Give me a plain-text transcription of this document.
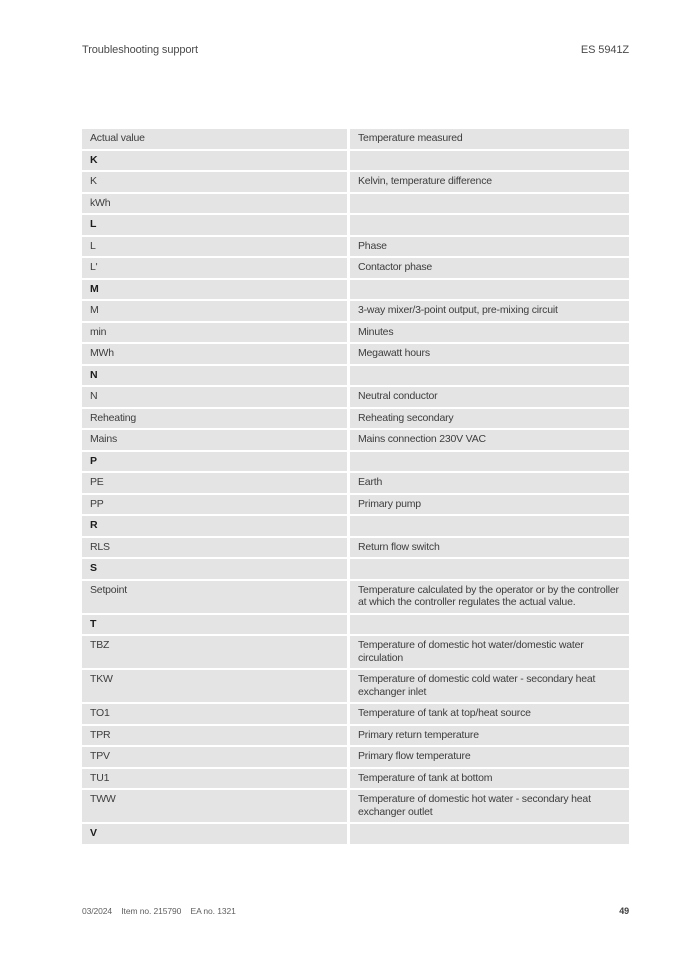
Troubleshooting support	ES 5941Z
Actual value	Temperature measured
K
K	Kelvin, temperature difference
kWh
L
L	Phase
L'	Contactor phase
M
M	3-way mixer/3-point output, pre-mixing circuit
min	Minutes
MWh	Megawatt hours
N
N	Neutral conductor
Reheating	Reheating secondary
Mains	Mains connection 230V VAC
P
PE	Earth
PP	Primary pump
R
RLS	Return flow switch
S
Setpoint	Temperature calculated by the operator or by the controller at which the controller regulates the actual value.
T
TBZ	Temperature of domestic hot water/domestic water circulation
TKW	Temperature of domestic cold water - secondary heat exchanger inlet
TO1	Temperature of tank at top/heat source
TPR	Primary return temperature
TPV	Primary flow temperature
TU1	Temperature of tank at bottom
TWW	Temperature of domestic hot water - secondary heat exchanger outlet
V
03/2024 Item no. 215790 EA no. 1321	49
